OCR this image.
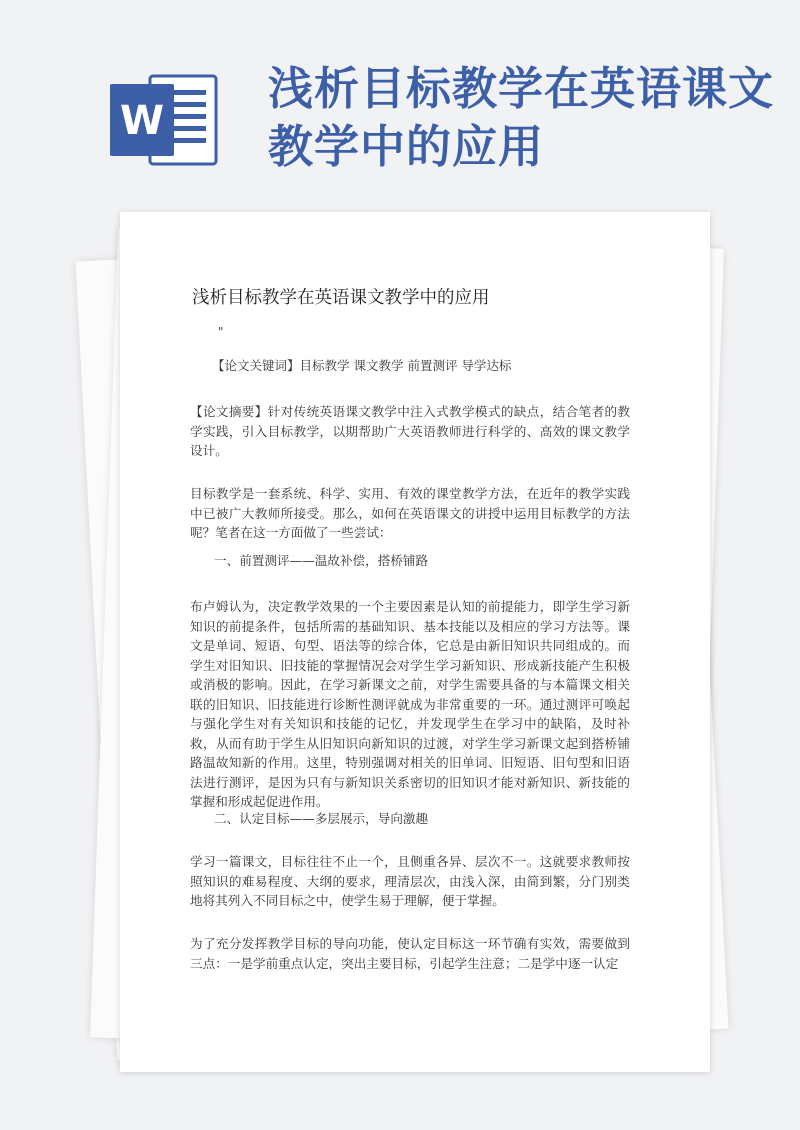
W
浅析目标教学在英语课文教学中的应用
浅析目标教学在英语课文教学中的应用
"
【论文关键词】目标教学 课文教学 前置测评 导学达标
【论文摘要】针对传统英语课文教学中注入式教学模式的缺点，结合笔者的教学实践，引入目标教学，以期帮助广大英语教师进行科学的、高效的课文教学设计。
目标教学是一套系统、科学、实用、有效的课堂教学方法，在近年的教学实践中已被广大教师所接受。那么，如何在英语课文的讲授中运用目标教学的方法呢？笔者在这一方面做了一些尝试：
一、前置测评——温故补偿，搭桥铺路
布卢姆认为，决定教学效果的一个主要因素是认知的前提能力，即学生学习新知识的前提条件，包括所需的基础知识、基本技能以及相应的学习方法等。课文是单词、短语、句型、语法等的综合体，它总是由新旧知识共同组成的。而学生对旧知识、旧技能的掌握情况会对学生学习新知识、形成新技能产生积极或消极的影响。因此，在学习新课文之前，对学生需要具备的与本篇课文相关联的旧知识、旧技能进行诊断性测评就成为非常重要的一环。通过测评可唤起与强化学生对有关知识和技能的记忆，并发现学生在学习中的缺陷，及时补救，从而有助于学生从旧知识向新知识的过渡，对学生学习新课文起到搭桥铺路温故知新的作用。这里，特别强调对相关的旧单词、旧短语、旧句型和旧语法进行测评，是因为只有与新知识关系密切的旧知识才能对新知识、新技能的掌握和形成起促进作用。
二、认定目标——多层展示，导向激趣
学习一篇课文，目标往往不止一个，且侧重各异、层次不一。这就要求教师按照知识的难易程度、大纲的要求，理清层次，由浅入深，由简到繁，分门别类地将其列入不同目标之中，使学生易于理解，便于掌握。
为了充分发挥教学目标的导向功能，使认定目标这一环节确有实效，需要做到三点：一是学前重点认定，突出主要目标，引起学生注意；二是学中逐一认定
